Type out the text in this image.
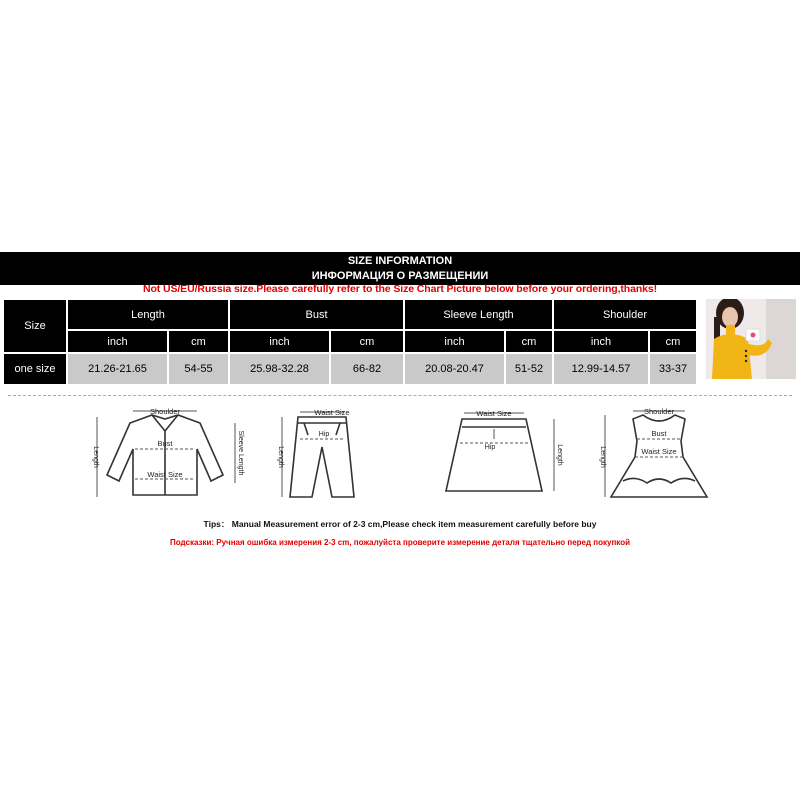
SIZE INFORMATION
ИНФОРМАЦИЯ О РАЗМЕЩЕНИИ
Not US/EU/Russia size.Please carefully refer to the Size Chart Picture below before your ordering,thanks!
Size	Length		Bust		Sleeve Length		Shoulder	
	inch	cm	inch	cm	inch	cm	inch	cm
one size	21.26-21.65	54-55	25.98-32.28	66-82	20.08-20.47	51-52	12.99-14.57	33-37
Shoulder
Bust
Waist Size
Length	Sleeve Length
Waist Size
Hip
Length
Waist Size
Hip	Length
Shoulder
Bust
Waist Size
Length
Tips： Manual Measurement error of 2-3 cm,Please check item measurement carefully before buy
Подсказки: Ручная ошибка измерения 2-3 cm, пожалуйста проверите измерение деталя тщательно перед покупкой
